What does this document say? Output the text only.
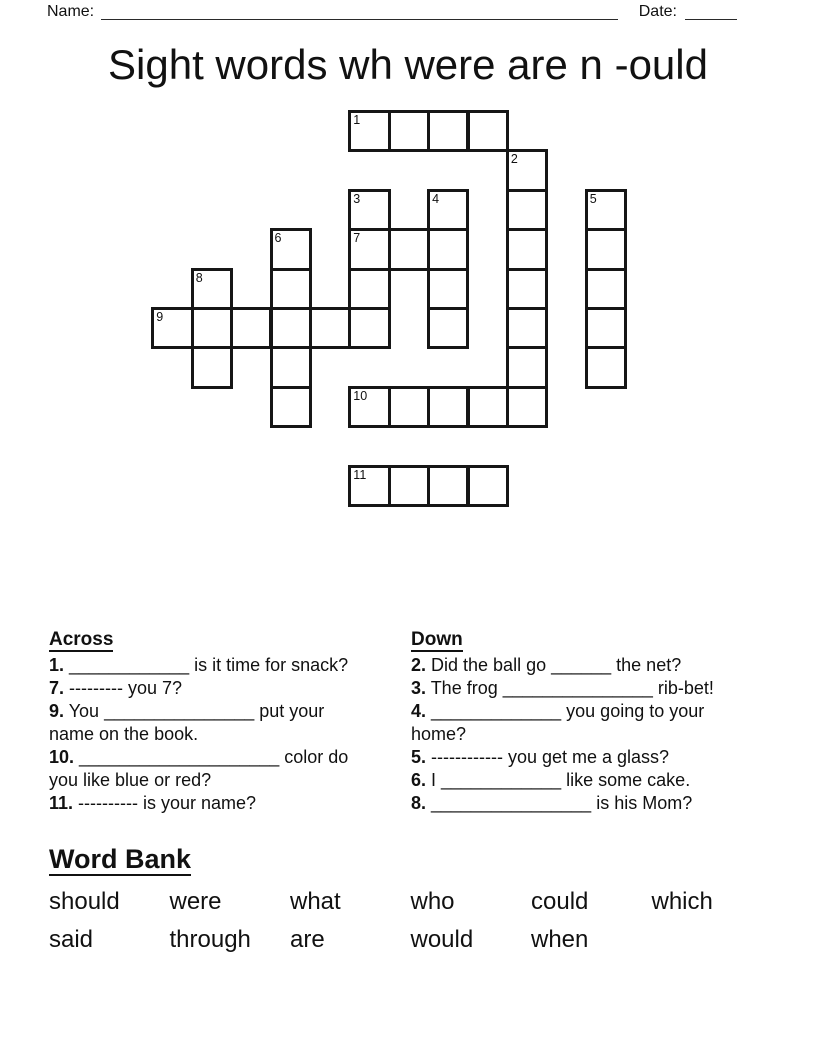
Name:	Date:
Sight words wh were are n -ould
1
2
3	4	5
6	7
8
9
10
11
Across

1. ____________ is it time for snack?

7. --------- you 7?

9. You _______________ put your name on the book.

10. ____________________ color do you like blue or red?

11. ---------- is your name?

Down

2. Did the ball go ______ the net?

3. The frog _______________ rib-bet!

4. _____________ you going to your home?

5. ------------ you get me a glass?

6. I ____________ like some cake.

8. ________________ is his Mom?

Word Bank
should	were	what	who	could	which
said	through	are	would	when
